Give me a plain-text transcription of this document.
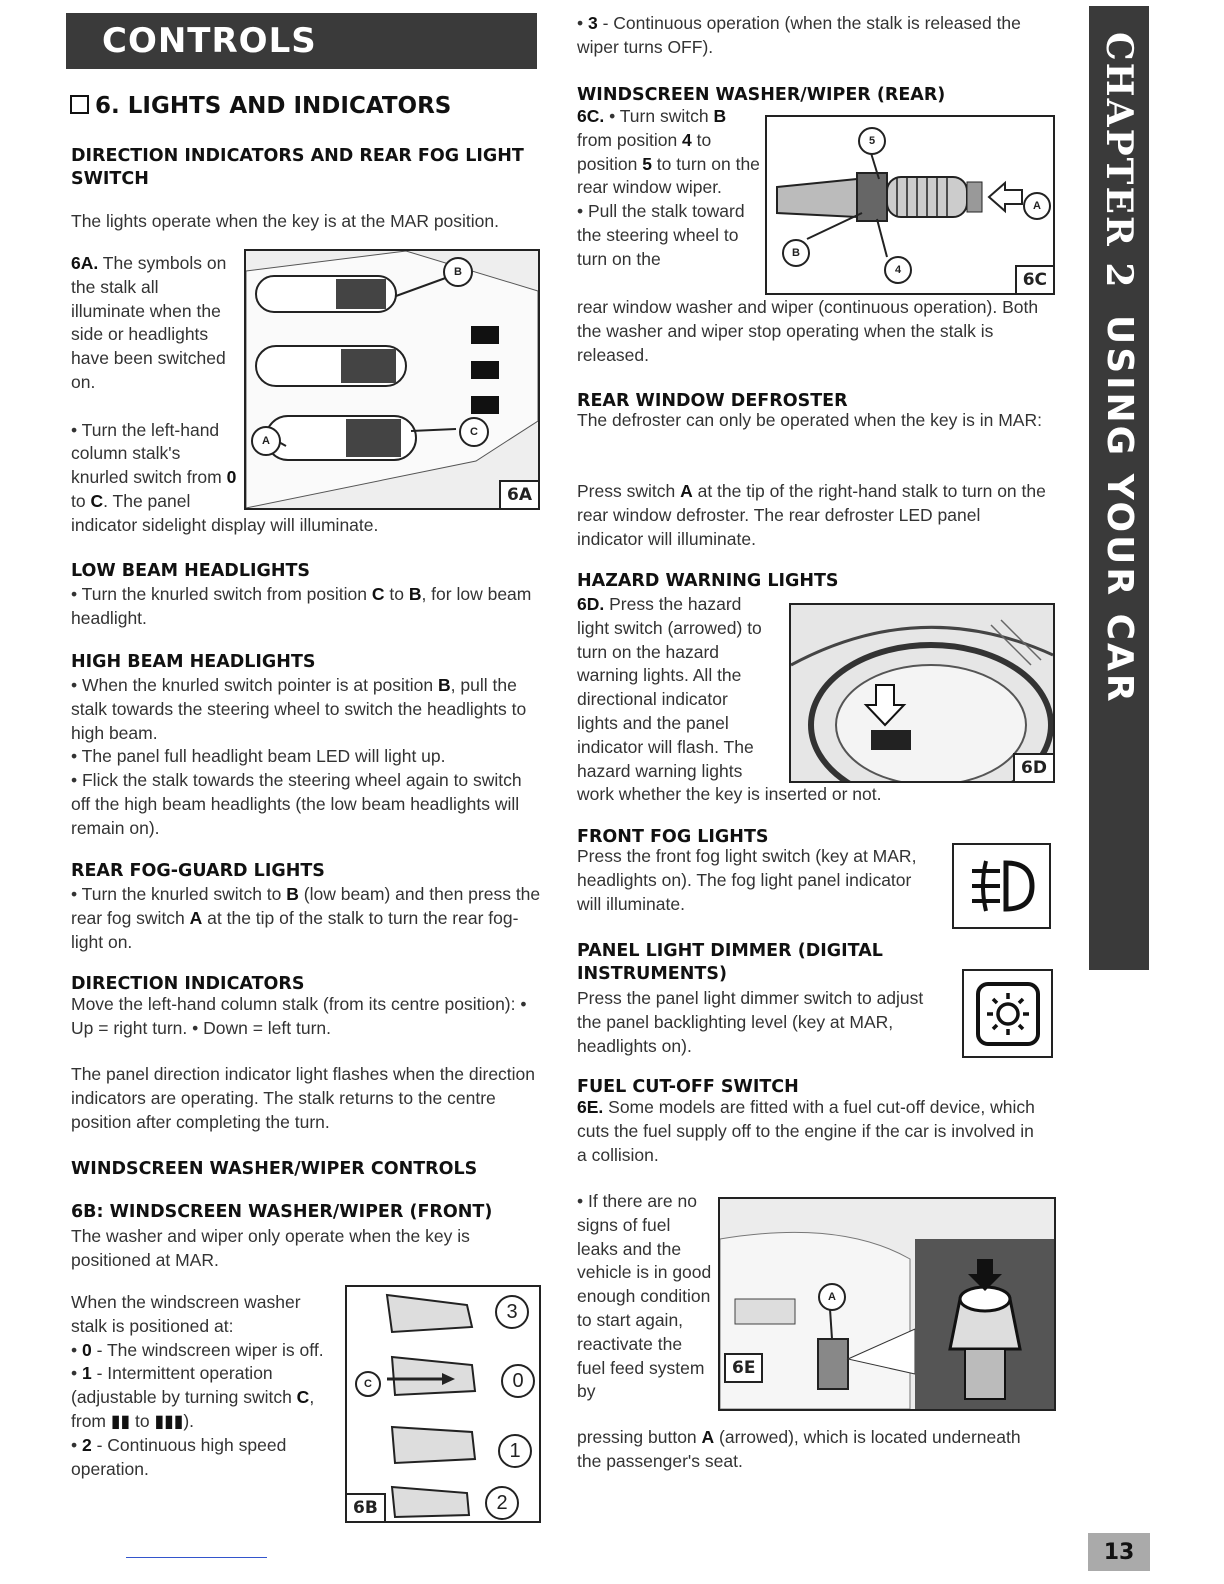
CONTROLS
6. LIGHTS AND INDICATORS
DIRECTION INDICATORS AND REAR FOG LIGHT SWITCH
The lights operate when the key is at the MAR position.
B
C
A
6A
6A. The symbols on the stalk all illuminate when the side or headlights have been switched on.

• Turn the left-hand column stalk's knurled switch from 0 to C. The panel
indicator sidelight display will illuminate.
LOW BEAM HEADLIGHTS
• Turn the knurled switch from position C to B, for low beam headlight.
HIGH BEAM HEADLIGHTS
• When the knurled switch pointer is at position B, pull the stalk towards the steering wheel to switch the headlights to high beam.
• The panel full headlight beam LED will light up.
• Flick the stalk towards the steering wheel again to switch off the high beam headlights (the low beam headlights will remain on).
REAR FOG-GUARD LIGHTS
• Turn the knurled switch to B (low beam) and then press the rear fog switch A at the tip of the stalk to turn the rear fog-light on.
DIRECTION INDICATORS
Move the left-hand column stalk (from its centre position): • Up = right turn. • Down = left turn.
The panel direction indicator light flashes when the direction indicators are operating. The stalk returns to the centre position after completing the turn.
WINDSCREEN WASHER/WIPER CONTROLS
6B: WINDSCREEN WASHER/WIPER (FRONT)
The washer and wiper only operate when the key is positioned at MAR.
When the windscreen washer stalk is positioned at:
• 0 - The windscreen wiper is off.
• 1 - Intermittent operation (adjustable by turning switch C, from ▮▮ to ▮▮▮).
• 2 - Continuous high speed operation.
3
0
1
2
C
6B
• 3 - Continuous operation (when the stalk is released the wiper turns OFF).
WINDSCREEN WASHER/WIPER (REAR)
6C. • Turn switch B from position 4 to position 5 to turn on the rear window wiper.
• Pull the stalk toward the steering wheel to turn on the
5
A
B
4	6C
rear window washer and wiper (continuous operation). Both the washer and wiper stop operating when the stalk is released.
REAR WINDOW DEFROSTER
The defroster can only be operated when the key is in MAR:
Press switch A at the tip of the right-hand stalk to turn on the rear window defroster. The rear defroster LED panel indicator will illuminate.
HAZARD WARNING LIGHTS
6D. Press the hazard light switch (arrowed) to turn on the hazard warning lights. All the directional indicator lights and the panel indicator will flash. The hazard warning lights	6D
work whether the key is inserted or not.
FRONT FOG LIGHTS
Press the front fog light switch (key at MAR, headlights on). The fog light panel indicator will illuminate.
PANEL LIGHT DIMMER (DIGITAL INSTRUMENTS)
Press the panel light dimmer switch to adjust the panel backlighting level (key at MAR, headlights on).
FUEL CUT-OFF SWITCH
6E. Some models are fitted with a fuel cut-off device, which cuts the fuel supply off to the engine if the car is involved in a collision.
• If there are no signs of fuel leaks and the vehicle is in good enough condition to start again, reactivate the fuel feed system by
A
6E
pressing button A (arrowed), which is located underneath the passenger's seat.
CHAPTER 2USING YOUR CAR
13
